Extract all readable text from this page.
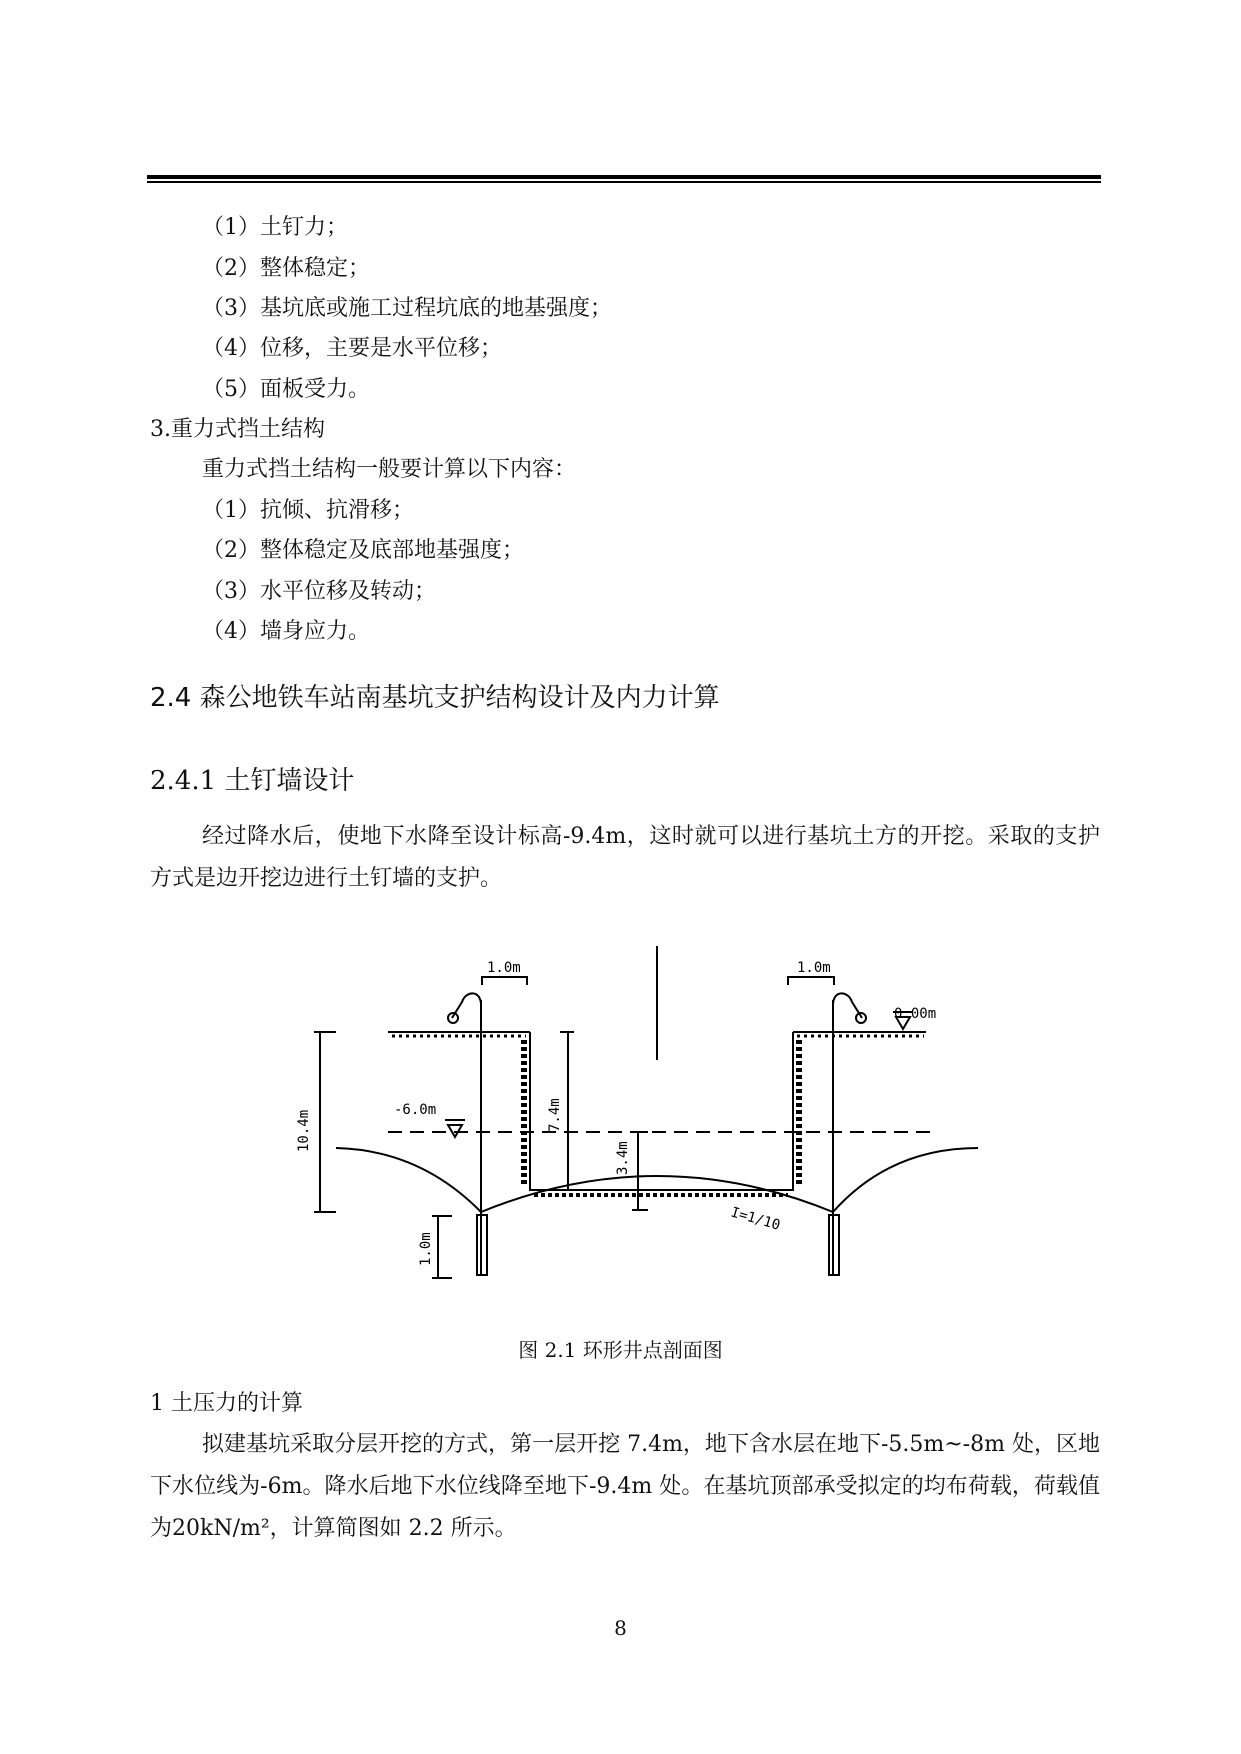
（1）土钉力；
（2）整体稳定；
（3）基坑底或施工过程坑底的地基强度；
（4）位移，主要是水平位移；
（5）面板受力。
3.重力式挡土结构
重力式挡土结构一般要计算以下内容：
（1）抗倾、抗滑移；
（2）整体稳定及底部地基强度；
（3）水平位移及转动；
（4）墙身应力。
2.4 森公地铁车站南基坑支护结构设计及内力计算
2.4.1 土钉墙设计
经过降水后，使地下水降至设计标高-9.4m，这时就可以进行基坑土方的开挖。采取的支护方式是边开挖边进行土钉墙的支护。
1.0m	1.0m
0.00m
-6.0m
10.4m	7.4m
3.4m
1.0m
I=1/10
图 2.1 环形井点剖面图
1 土压力的计算
拟建基坑采取分层开挖的方式，第一层开挖 7.4m，地下含水层在地下-5.5m~-8m 处，区地下水位线为-6m。降水后地下水位线降至地下-9.4m 处。在基坑顶部承受拟定的均布荷载，荷载值为20kN/m²，计算简图如 2.2 所示。
8
